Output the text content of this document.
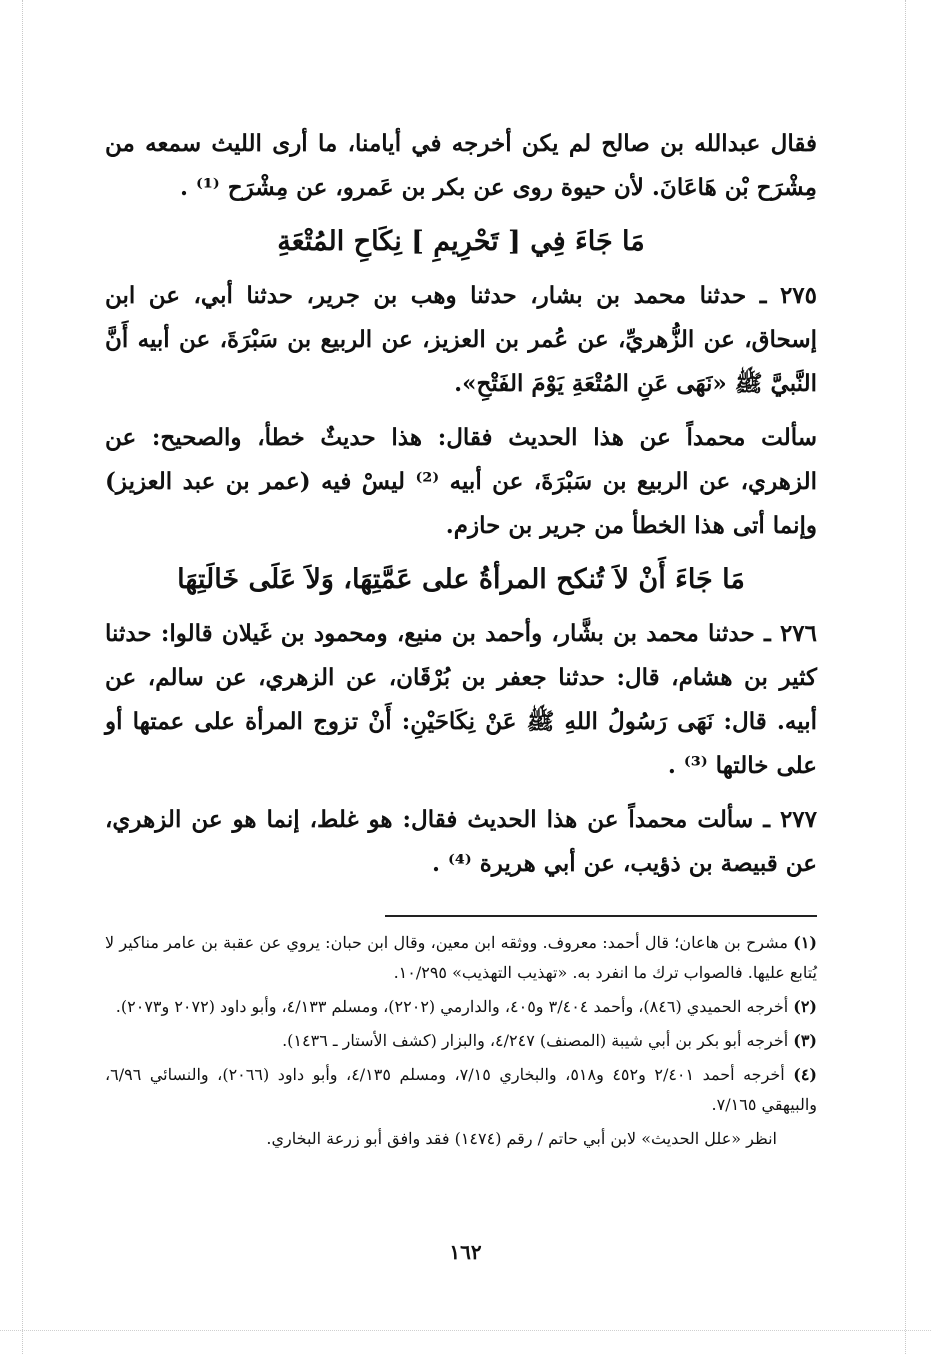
فقال عبدالله بن صالح لم يكن أخرجه في أيامنا، ما أرى الليث سمعه من مِشْرَح بْن هَاعَانَ. لأن حيوة روى عن بكر بن عَمرو، عن مِشْرَح ⁽¹⁾ .

مَا جَاءَ فِي [ تَحْرِيمِ ] نِكَاحِ المُتْعَةِ

٢٧٥ ـ حدثنا محمد بن بشار، حدثنا وهب بن جرير، حدثنا أبي، عن ابن إسحاق، عن الزُّهريِّ، عن عُمر بن العزيز، عن الربيع بن سَبْرَةَ، عن أبيه أَنَّ النَّبيَّ ﷺ «نَهَى عَنِ المُتْعَةِ يَوْمَ الفَتْحِ».

سألت محمداً عن هذا الحديث فقال: هذا حديثٌ خطأ، والصحيح: عن الزهري، عن الربيع بن سَبْرَةَ، عن أبيه ⁽²⁾ ليسْ فيه (عمر بن عبد العزيز) وإنما أتى هذا الخطأ من جرير بن حازم.

مَا جَاءَ أَنْ لاَ تُنكح المرأةُ على عَمَّتِهَا، وَلاَ عَلَى خَالَتِهَا

٢٧٦ ـ حدثنا محمد بن بشَّار، وأحمد بن منيع، ومحمود بن غَيلان قالوا: حدثنا كثير بن هشام، قال: حدثنا جعفر بن بُرْقَان، عن الزهري، عن سالم، عن أبيه. قال: نَهَى رَسُولُ اللهِ ﷺ عَنْ نِكَاحَيْنِ: أَنْ تزوج المرأة على عمتها أو على خالتها ⁽³⁾ .

٢٧٧ ـ سألت محمداً عن هذا الحديث فقال: هو غلط، إنما هو عن الزهري، عن قبيصة بن ذؤيب، عن أبي هريرة ⁽⁴⁾ .

(١) مشرح بن هاعان؛ قال أحمد: معروف. ووثقه ابن معين، وقال ابن حبان: يروي عن عقبة بن عامر مناكير لا يُتابع عليها. فالصواب ترك ما انفرد به. «تهذيب التهذيب» ١٠/٢٩٥.

(٢) أخرجه الحميدي (٨٤٦)، وأحمد ٣/٤٠٤ و٤٠٥، والدارمي (٢٢٠٢)، ومسلم ٤/١٣٣، وأبو داود (٢٠٧٢ و٢٠٧٣).

(٣) أخرجه أبو بكر بن أبي شيبة (المصنف) ٤/٢٤٧، والبزار (كشف الأستار ـ ١٤٣٦).

(٤) أخرجه أحمد ٢/٤٠١ و٤٥٢ و٥١٨، والبخاري ٧/١٥، ومسلم ٤/١٣٥، وأبو داود (٢٠٦٦)، والنسائي ٦/٩٦، والبيهقي ٧/١٦٥.

انظر «علل الحديث» لابن أبي حاتم / رقم (١٤٧٤) فقد وافق أبو زرعة البخاري.

١٦٢
